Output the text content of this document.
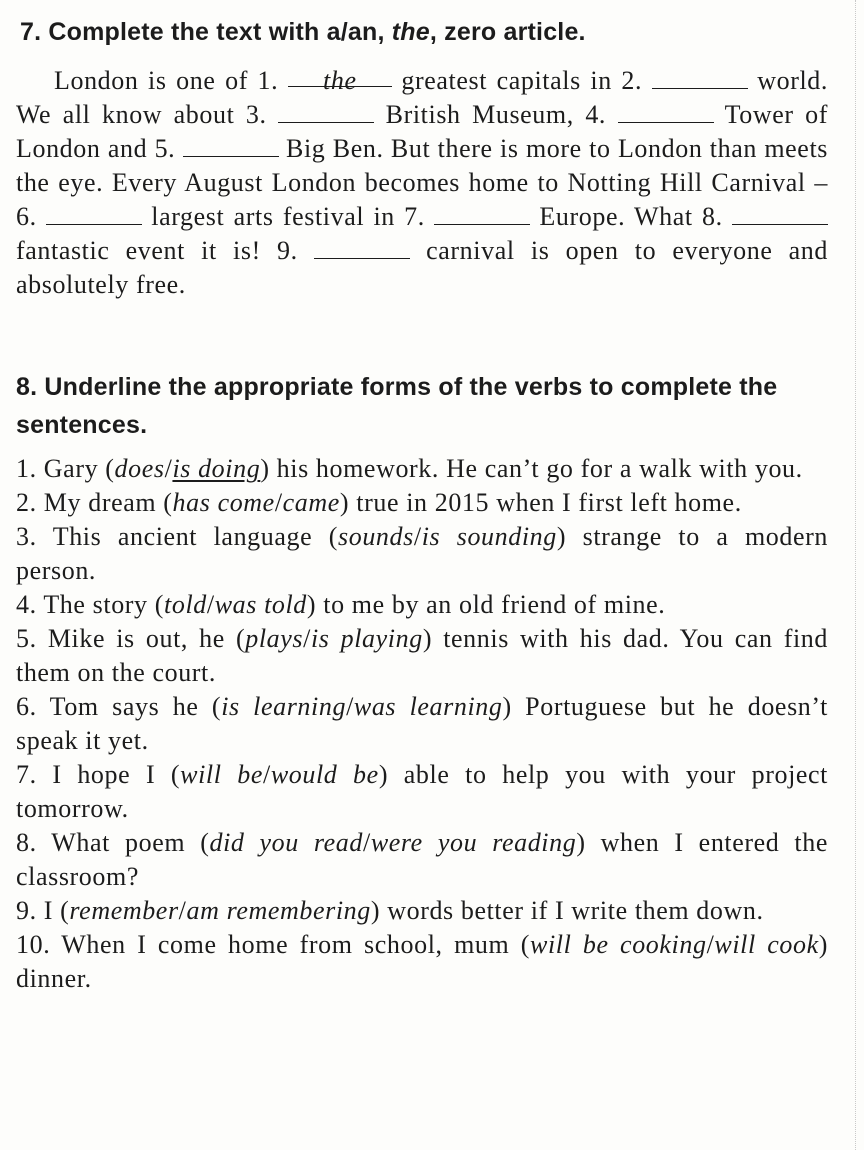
7. Complete the text with a/an, the, zero article.

London is one of 1. the greatest capitals in 2.	world. We all know about 3.	British Museum, 4.	Tower of London and 5.	Big Ben. But there is more to London than meets the eye. Every August London becomes home to Notting Hill Carnival – 6.	largest arts festival in 7.	Europe. What 8.  fantastic event it is! 9.	carnival is open to everyone and absolutely free.

8. Underline the appropriate forms of the verbs to complete the sentences.
1. Gary (does/is doing) his homework. He can’t go for a walk with you.
2. My dream (has come/came) true in 2015 when I first left home.
3. This ancient language (sounds/is sounding) strange to a modern person.
4. The story (told/was told) to me by an old friend of mine.
5. Mike is out, he (plays/is playing) tennis with his dad. You can find them on the court.
6. Tom says he (is learning/was learning) Portuguese but he doesn’t speak it yet.
7. I hope I (will be/would be) able to help you with your project tomorrow.
8. What poem (did you read/were you reading) when I entered the classroom?
9. I (remember/am remembering) words better if I write them down.
10. When I come home from school, mum (will be cooking/will cook) dinner.
